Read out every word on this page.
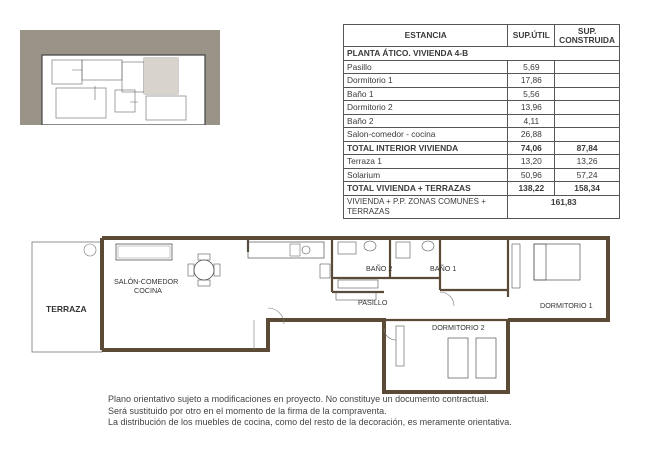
ESTANCIA	SUP.ÚTIL	SUP. CONSTRUIDA
PLANTA ÁTICO. VIVIENDA 4-B		
Pasillo	5,69	
Dormitorio 1	17,86	
Baño 1	5,56	
Dormitorio 2	13,96	
Baño 2	4,11	
Salon-comedor - cocina	26,88	
TOTAL INTERIOR VIVIENDA	74,06	87,84
Terraza 1	13,20	13,26
Solarium	50,96	57,24
TOTAL VIVIENDA + TERRAZAS	138,22	158,34
VIVIENDA + P.P. ZONAS COMUNES + TERRAZAS	161,83	
SALÓN-COMEDOR
COCINA
TERRAZA
BAÑO 2	BAÑO 1
PASILLO	DORMITORIO 1
DORMITORIO 2
Plano orientativo sujeto a modificaciones en proyecto. No constituye un documento contractual.
Será sustituido por otro en el momento de la firma de la compraventa.
La distribución de los muebles de cocina, como del resto de la decoración, es meramente orientativa.
